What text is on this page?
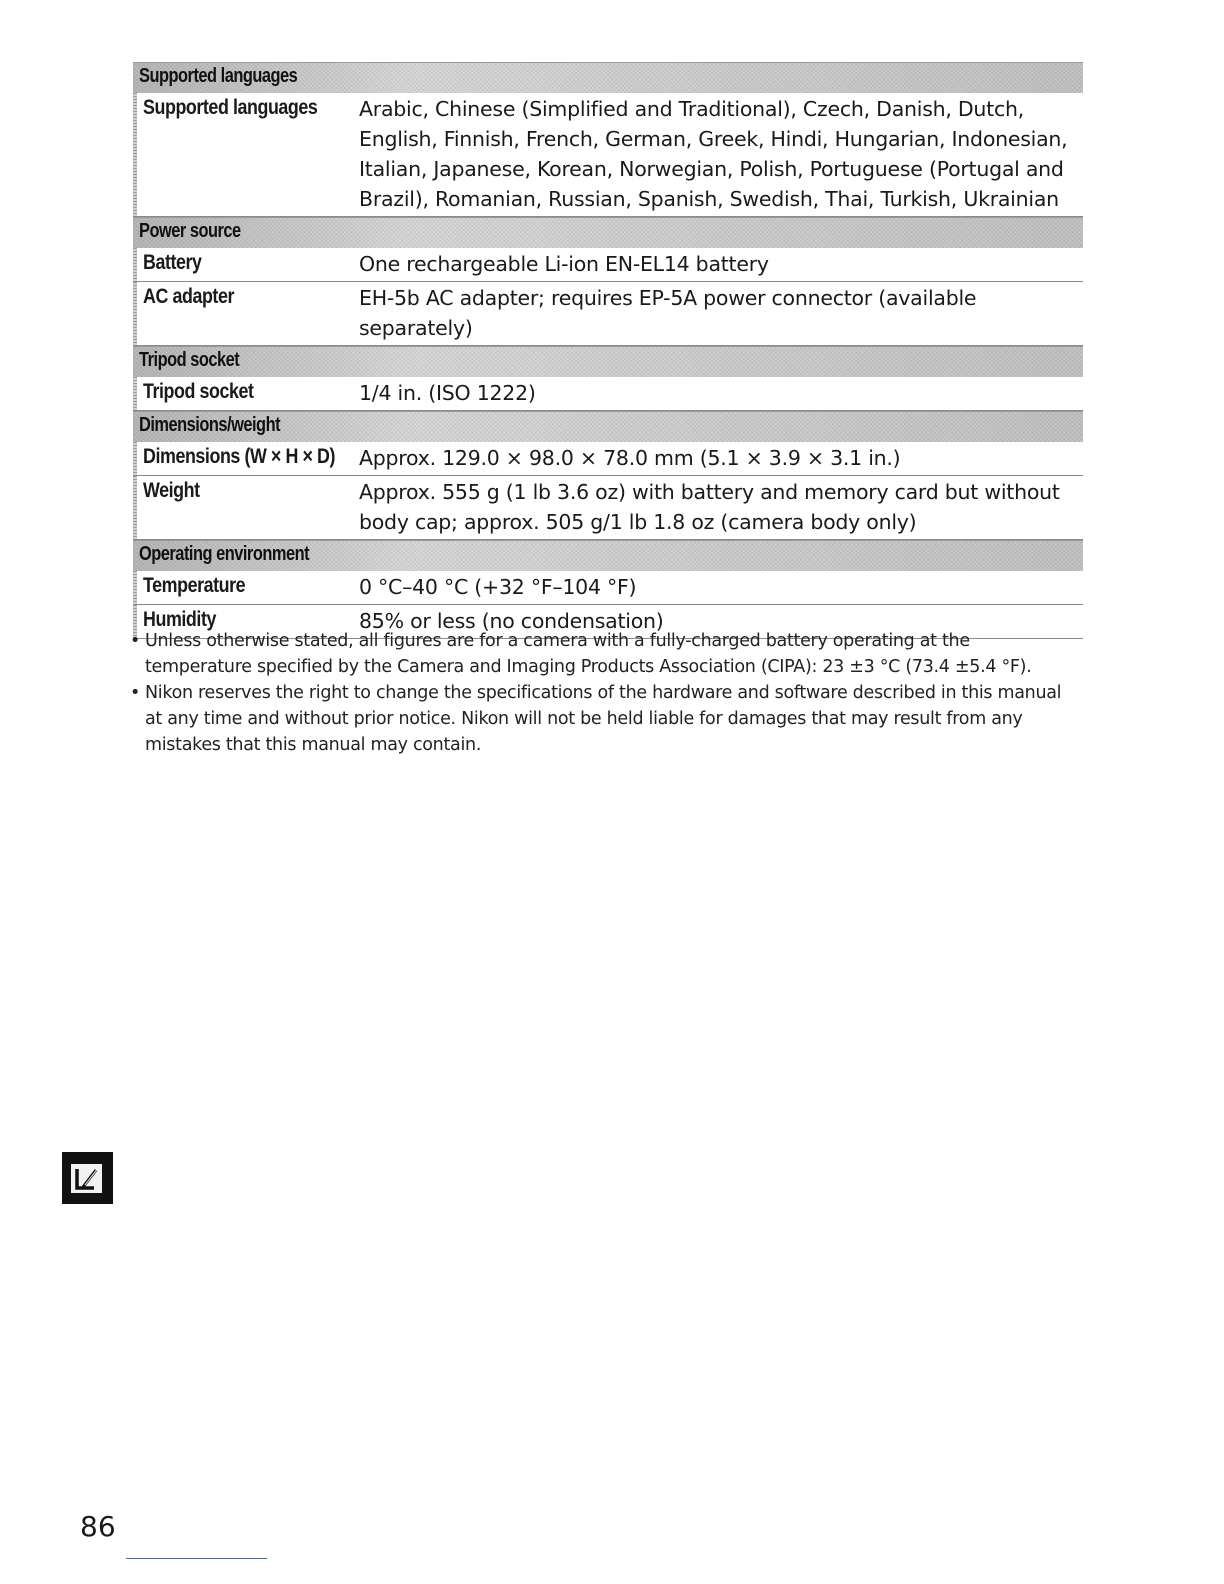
Supported languages
Supported languages	Arabic, Chinese (Simplified and Traditional), Czech, Danish, Dutch, English, Finnish, French, German, Greek, Hindi, Hungarian, Indonesian, Italian, Japanese, Korean, Norwegian, Polish, Portuguese (Portugal and Brazil), Romanian, Russian, Spanish, Swedish, Thai, Turkish, Ukrainian
Power source
Battery	One rechargeable Li-ion EN-EL14 battery
AC adapter	EH-5b AC adapter; requires EP-5A power connector (available separately)
Tripod socket
Tripod socket	1/4 in. (ISO 1222)
Dimensions/weight
Dimensions (W × H × D)	Approx. 129.0 × 98.0 × 78.0 mm (5.1 × 3.9 × 3.1 in.)
Weight	Approx. 555 g (1 lb 3.6 oz) with battery and memory card but without body cap; approx. 505 g/1 lb 1.8 oz (camera body only)
Operating environment
Temperature	0 °C–40 °C (+32 °F–104 °F)
Humidity	85% or less (no condensation)
• Unless otherwise stated, all figures are for a camera with a fully-charged battery operating at the temperature specified by the Camera and Imaging Products Association (CIPA): 23 ±3 °C (73.4 ±5.4 °F).
• Nikon reserves the right to change the specifications of the hardware and software described in this manual at any time and without prior notice. Nikon will not be held liable for damages that may result from any mistakes that this manual may contain.
86
